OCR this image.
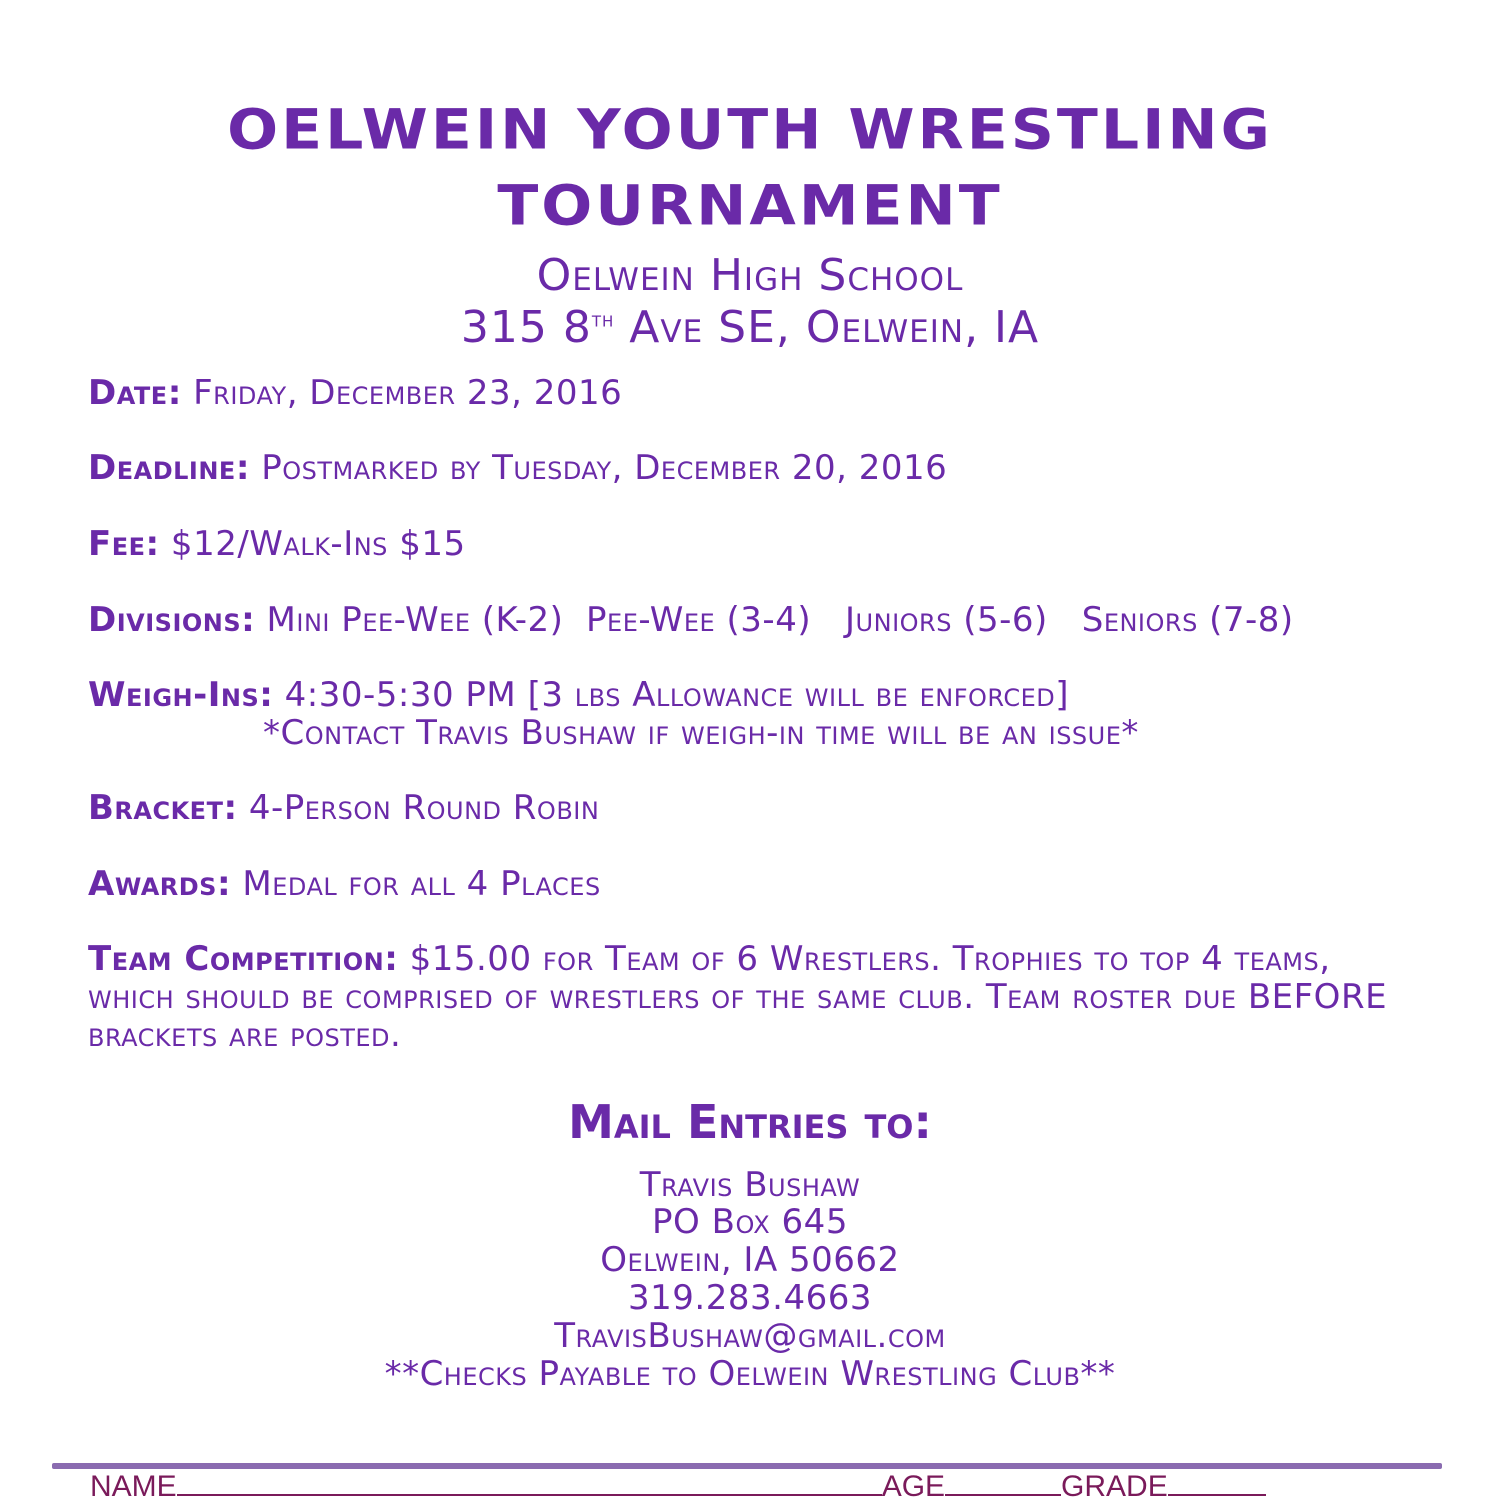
OELWEIN YOUTH WRESTLING
TOURNAMENT
Oelwein High School
315 8th Ave SE, Oelwein, IA
Date: Friday, December 23, 2016
Deadline: Postmarked by Tuesday, December 20, 2016
Fee: $12/Walk-Ins $15
Divisions: Mini Pee-Wee (K-2)  Pee-Wee (3-4)   Juniors (5-6)   Seniors (7-8)
Weigh-Ins: 4:30-5:30 PM [3 lbs Allowance will be enforced]
*Contact Travis Bushaw if weigh-in time will be an issue*
Bracket: 4-Person Round Robin
Awards: Medal for all 4 Places
Team Competition: $15.00 for Team of 6 Wrestlers. Trophies to top 4 teams, which should be comprised of wrestlers of the same club. Team roster due BEFORE brackets are posted.
Mail Entries to:
Travis Bushaw
PO Box 645
Oelwein, IA 50662
319.283.4663
TravisBushaw@gmail.com
**Checks Payable to Oelwein Wrestling Club**
NAME	AGE	GRADE
